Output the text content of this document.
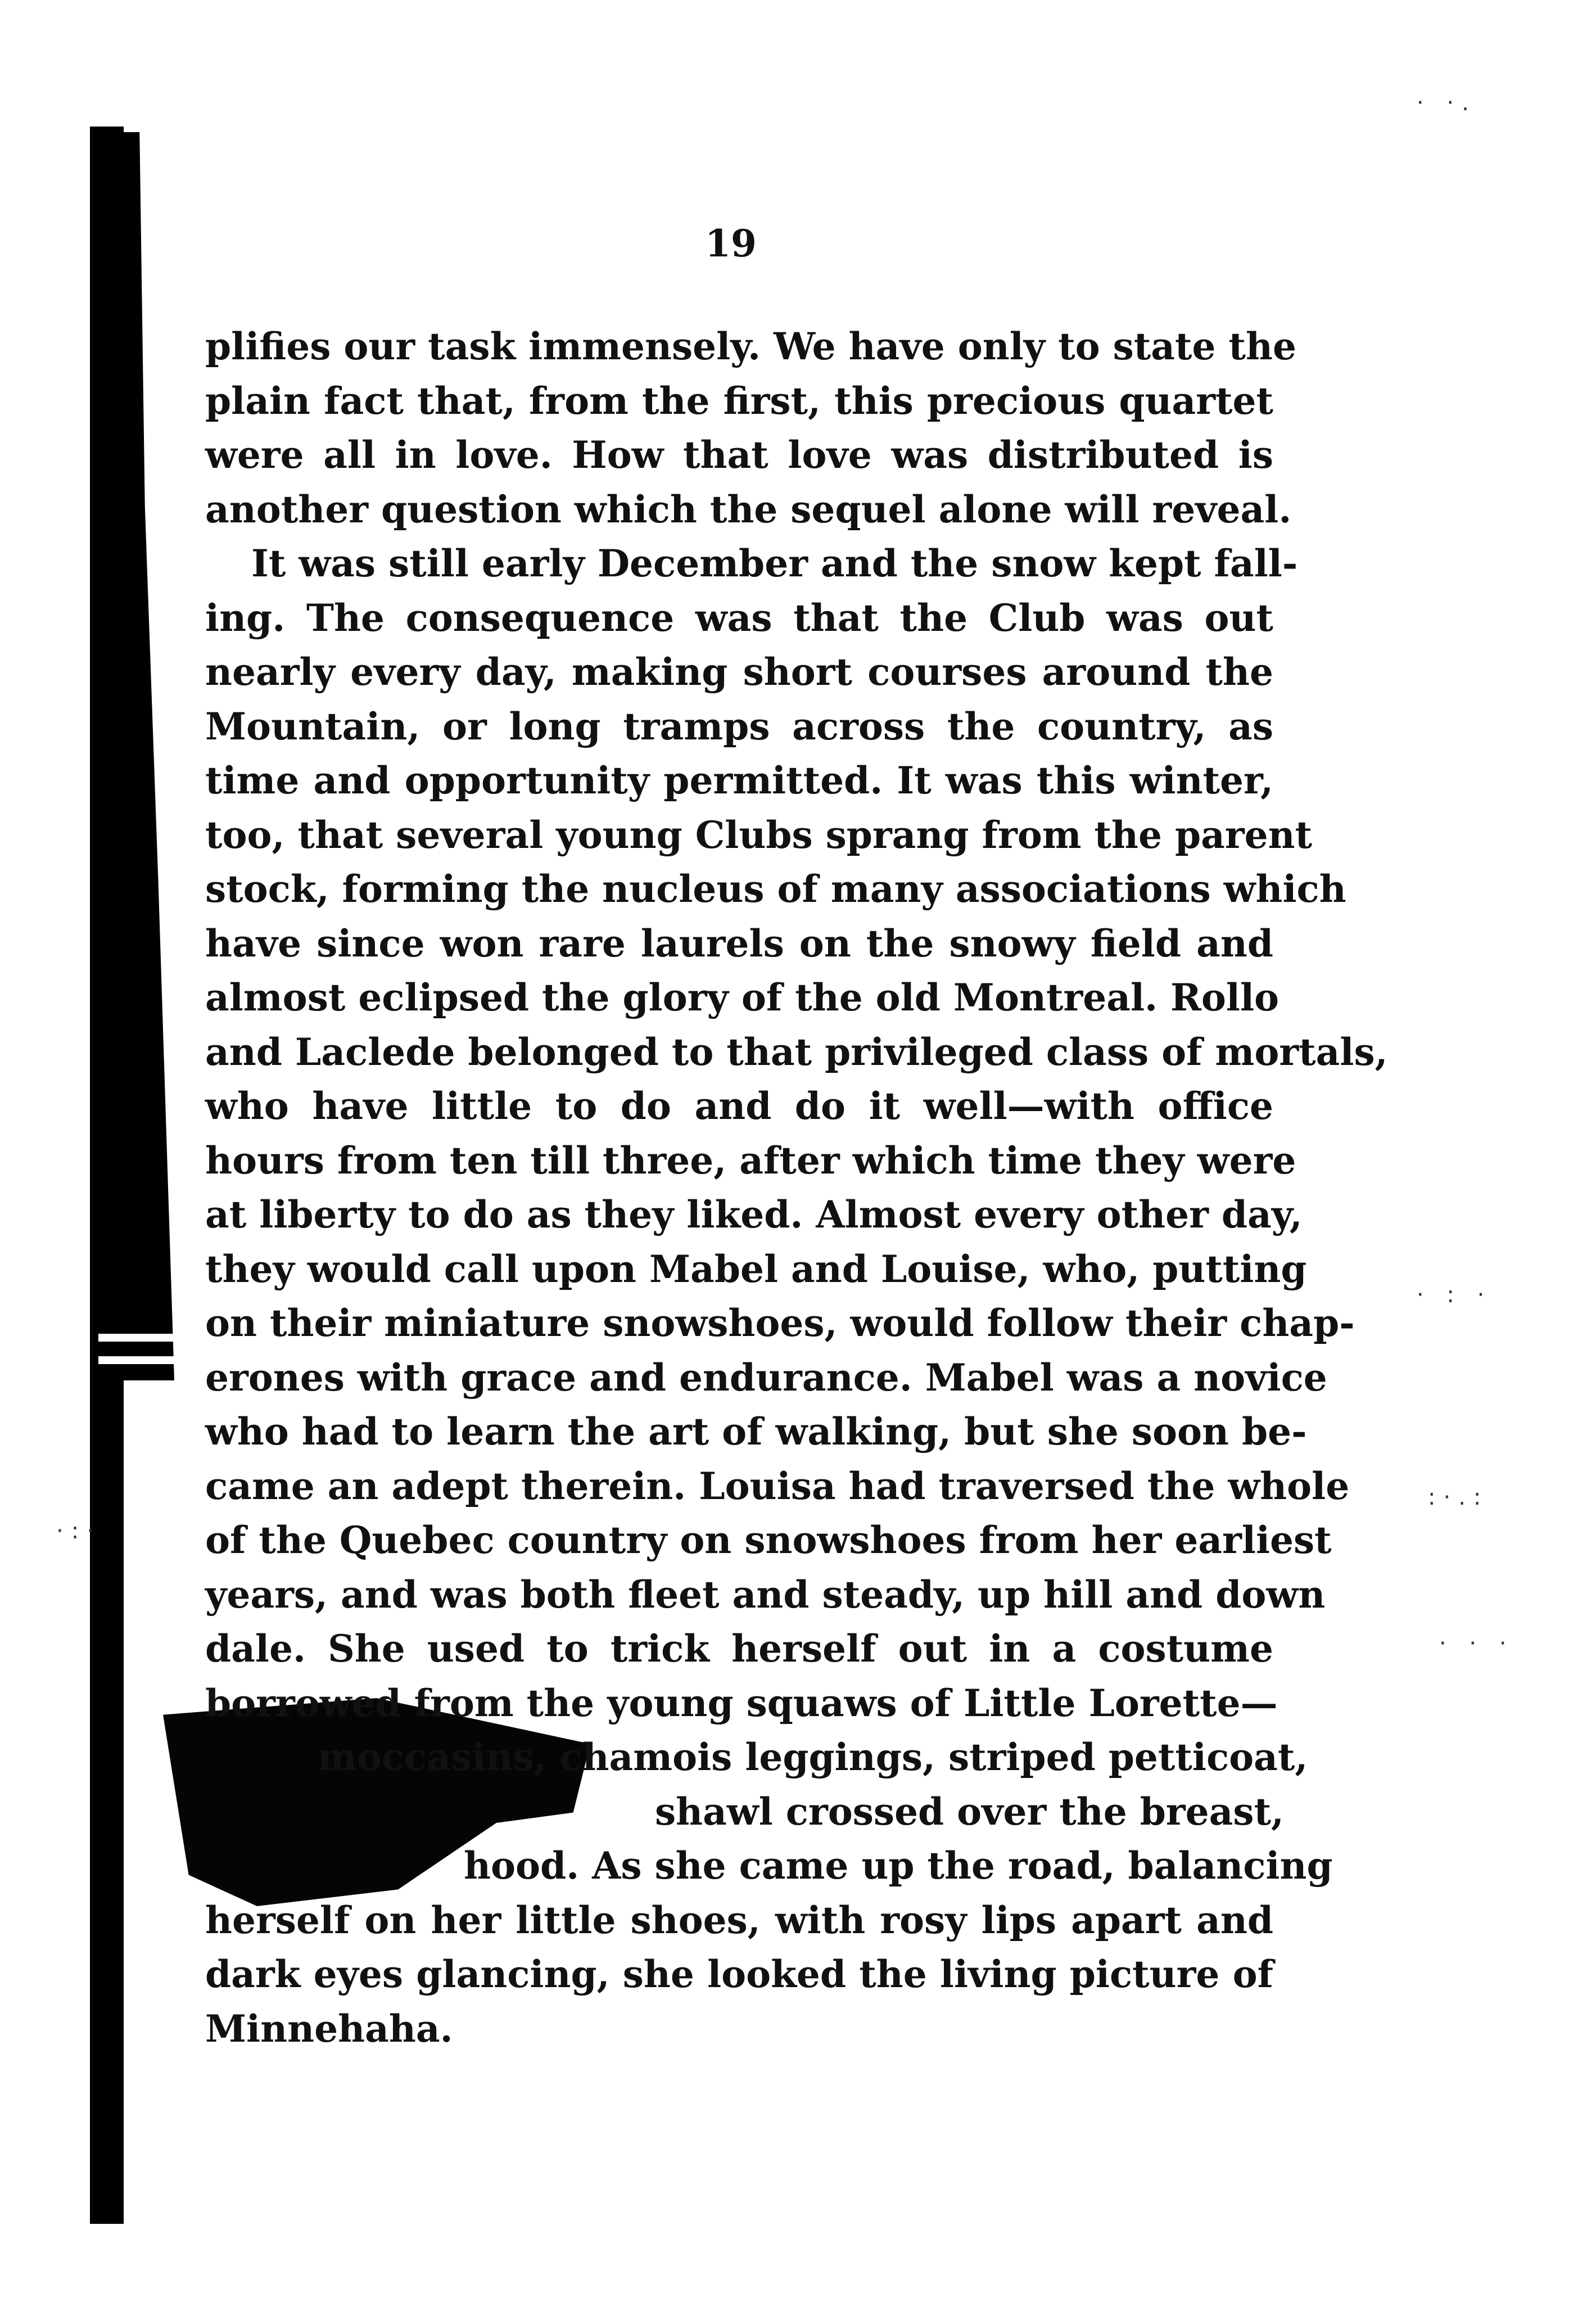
· : ·
:·.:
· · ·
·:·
· ·.
19

plifies our task immensely. We have only to state the
plain fact that, from the first, this precious quartet
were all in love. How that love was distributed is
another question which the sequel alone will reveal.

It was still early December and the snow kept fall-
ing. The consequence was that the Club was out
nearly every day, making short courses around the
Mountain, or long tramps across the country, as
time and opportunity permitted. It was this winter,
too, that several young Clubs sprang from the parent
stock, forming the nucleus of many associations which
have since won rare laurels on the snowy field and
almost eclipsed the glory of the old Montreal. Rollo
and Laclede belonged to that privileged class of mortals,
who have little to do and do it well—with office
hours from ten till three, after which time they were
at liberty to do as they liked. Almost every other day,
they would call upon Mabel and Louise, who, putting
on their miniature snowshoes, would follow their chap-
erones with grace and endurance. Mabel was a novice
who had to learn the art of walking, but she soon be-
came an adept therein. Louisa had traversed the whole
of the Quebec country on snowshoes from her earliest
years, and was both fleet and steady, up hill and down
dale. She used to trick herself out in a costume
borrowed from the young squaws of Little Lorette—
moccasins, chamois leggings, striped petticoat,
shawl crossed over the breast,
hood. As she came up the road, balancing
herself on her little shoes, with rosy lips apart and
dark eyes glancing, she looked the living picture of
Minnehaha.
